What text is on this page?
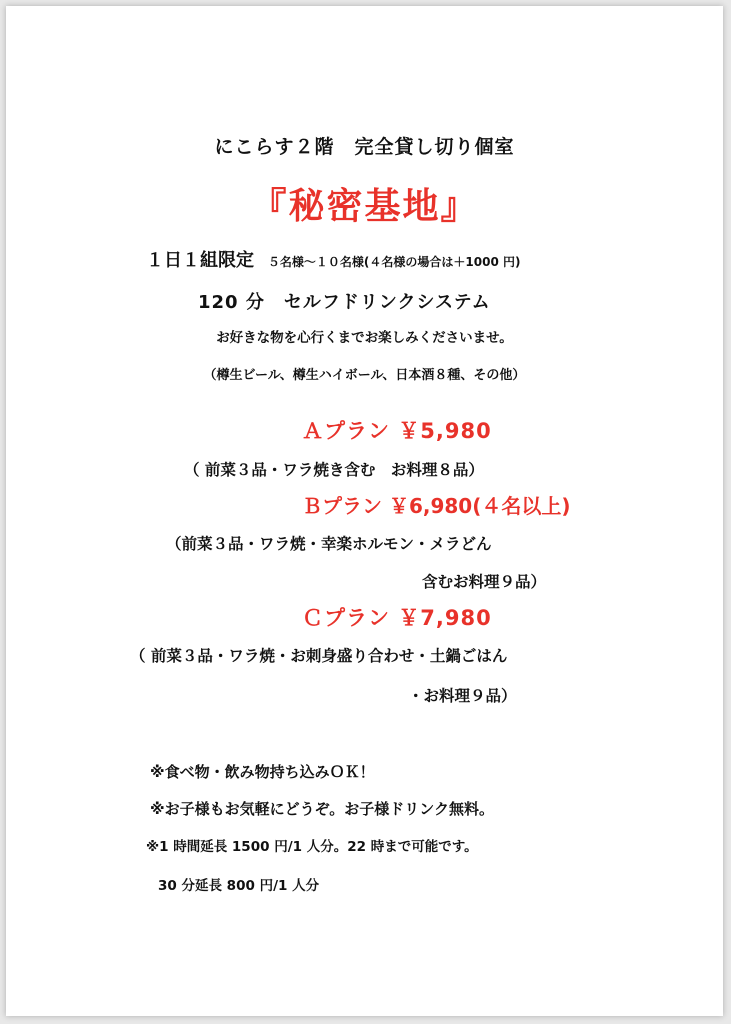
にこらす２階　完全貸し切り個室
『秘密基地』
１日１組限定 ５名様～１０名様(４名様の場合は＋1000 円)
120 分　セルフドリンクシステム
お好きな物を心行くまでお楽しみくださいませ。
（樽生ビール、樽生ハイボール、日本酒８種、その他）
Ａプラン ￥5,980
（ 前菜３品・ワラ焼き含む　お料理８品）
Ｂプラン ￥6,980(４名以上)
（前菜３品・ワラ焼・幸楽ホルモン・メラどん
含むお料理９品）
Ｃプラン ￥7,980
（ 前菜３品・ワラ焼・お刺身盛り合わせ・土鍋ごはん
・お料理９品）
※食べ物・飲み物持ち込みＯＫ！
※お子様もお気軽にどうぞ。お子様ドリンク無料。
※1 時間延長 1500 円/1 人分。22 時まで可能です。
30 分延長 800 円/1 人分
